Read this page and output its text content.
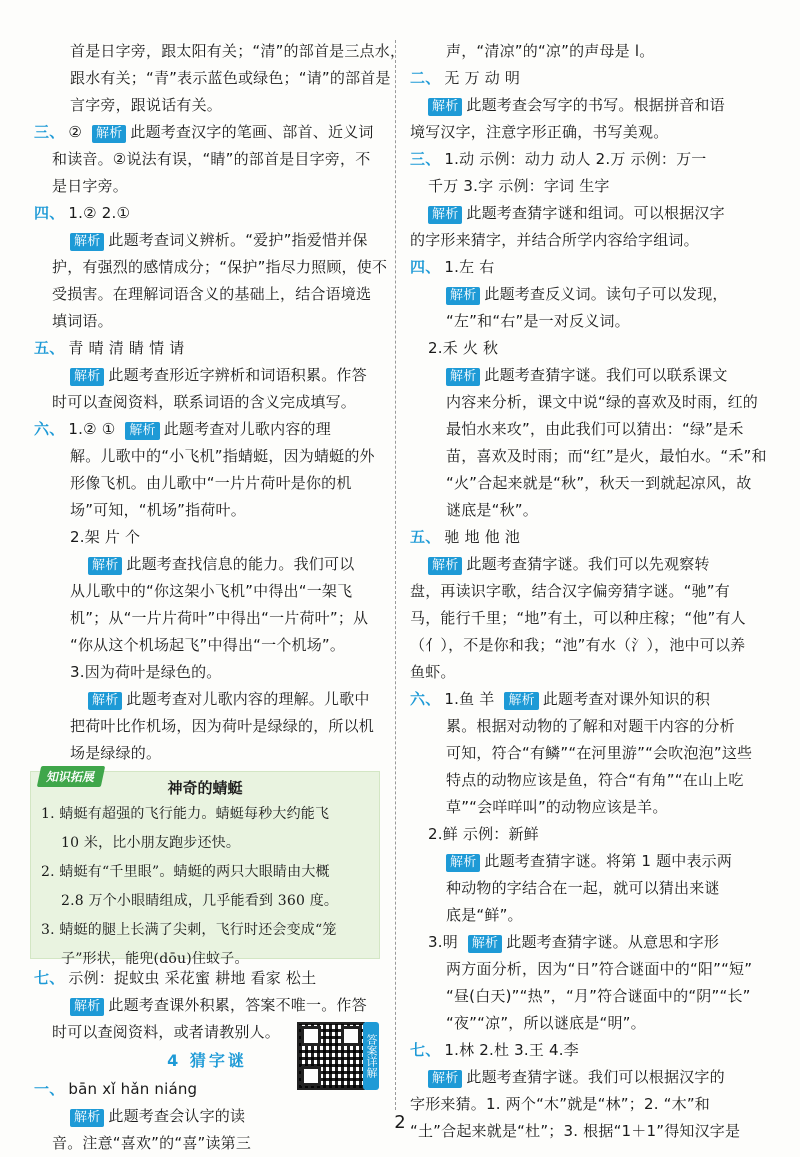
首是日字旁，跟太阳有关；“清”的部首是三点水，
跟水有关；“青”表示蓝色或绿色；“请”的部首是
言字旁，跟说话有关。
三、 ② 解析 此题考查汉字的笔画、部首、近义词
和读音。②说法有误，“睛”的部首是目字旁，不
是日字旁。
四、 1.② 2.①
解析 此题考查词义辨析。“爱护”指爱惜并保
护，有强烈的感情成分；“保护”指尽力照顾，使不
受损害。在理解词语含义的基础上，结合语境选
填词语。
五、 青 晴 清 睛 情 请
解析 此题考查形近字辨析和词语积累。作答
时可以查阅资料，联系词语的含义完成填写。
六、 1.② ① 解析 此题考查对儿歌内容的理
解。儿歌中的“小飞机”指蜻蜓，因为蜻蜓的外
形像飞机。由儿歌中“一片片荷叶是你的机
场”可知，“机场”指荷叶。
2.架 片 个
解析 此题考查找信息的能力。我们可以
从儿歌中的“你这架小飞机”中得出“一架飞
机”；从“一片片荷叶”中得出“一片荷叶”；从
“你从这个机场起飞”中得出“一个机场”。
3.因为荷叶是绿色的。
解析 此题考查对儿歌内容的理解。儿歌中
把荷叶比作机场，因为荷叶是绿绿的，所以机
场是绿绿的。
知识拓展
神奇的蜻蜓
1. 蜻蜓有超强的飞行能力。蜻蜓每秒大约能飞
10 米，比小朋友跑步还快。
2. 蜻蜓有“千里眼”。蜻蜓的两只大眼睛由大概
2.8 万个小眼睛组成，几乎能看到 360 度。
3. 蜻蜓的腿上长满了尖刺，飞行时还会变成“笼
子”形状，能兜(dōu)住蚊子。
七、 示例：捉蚊虫 采花蜜 耕地 看家 松土
解析 此题考查课外积累，答案不唯一。作答
时可以查阅资料，或者请教别人。
4 猜字谜
一、 bān xǐ hǎn niáng
解析 此题考查会认字的读
音。注意“喜欢”的“喜”读第三
答案详解
声，“清凉”的“凉”的声母是 l。
二、 无 万 动 明
解析 此题考查会写字的书写。根据拼音和语
境写汉字，注意字形正确，书写美观。
三、 1.动 示例：动力 动人 2.万 示例：万一
千万 3.字 示例：字词 生字
解析 此题考查猜字谜和组词。可以根据汉字
的字形来猜字，并结合所学内容给字组词。
四、 1.左 右
解析 此题考查反义词。读句子可以发现，
“左”和“右”是一对反义词。
2.禾 火 秋
解析 此题考查猜字谜。我们可以联系课文
内容来分析，课文中说“绿的喜欢及时雨，红的
最怕水来攻”，由此我们可以猜出：“绿”是禾
苗，喜欢及时雨；而“红”是火，最怕水。“禾”和
“火”合起来就是“秋”，秋天一到就起凉风，故
谜底是“秋”。
五、 驰 地 他 池
解析 此题考查猜字谜。我们可以先观察转
盘，再读识字歌，结合汉字偏旁猜字谜。“驰”有
马，能行千里；“地”有土，可以种庄稼；“他”有人
（亻），不是你和我；“池”有水（氵），池中可以养
鱼虾。
六、 1.鱼 羊 解析 此题考查对课外知识的积
累。根据对动物的了解和对题干内容的分析
可知，符合“有鳞”“在河里游”“会吹泡泡”这些
特点的动物应该是鱼，符合“有角”“在山上吃
草”“会咩咩叫”的动物应该是羊。
2.鲜 示例：新鲜
解析 此题考查猜字谜。将第 1 题中表示两
种动物的字结合在一起，就可以猜出来谜
底是“鲜”。
3.明 解析 此题考查猜字谜。从意思和字形
两方面分析，因为“日”符合谜面中的“阳”“短”
“昼(白天)”“热”，“月”符合谜面中的“阴”“长”
“夜”“凉”，所以谜底是“明”。
七、 1.林 2.杜 3.王 4.李
解析 此题考查猜字谜。我们可以根据汉字的
字形来猜。1. 两个“木”就是“林”；2. “木”和
“土”合起来就是“杜”；3. 根据“1＋1”得知汉字是
2
